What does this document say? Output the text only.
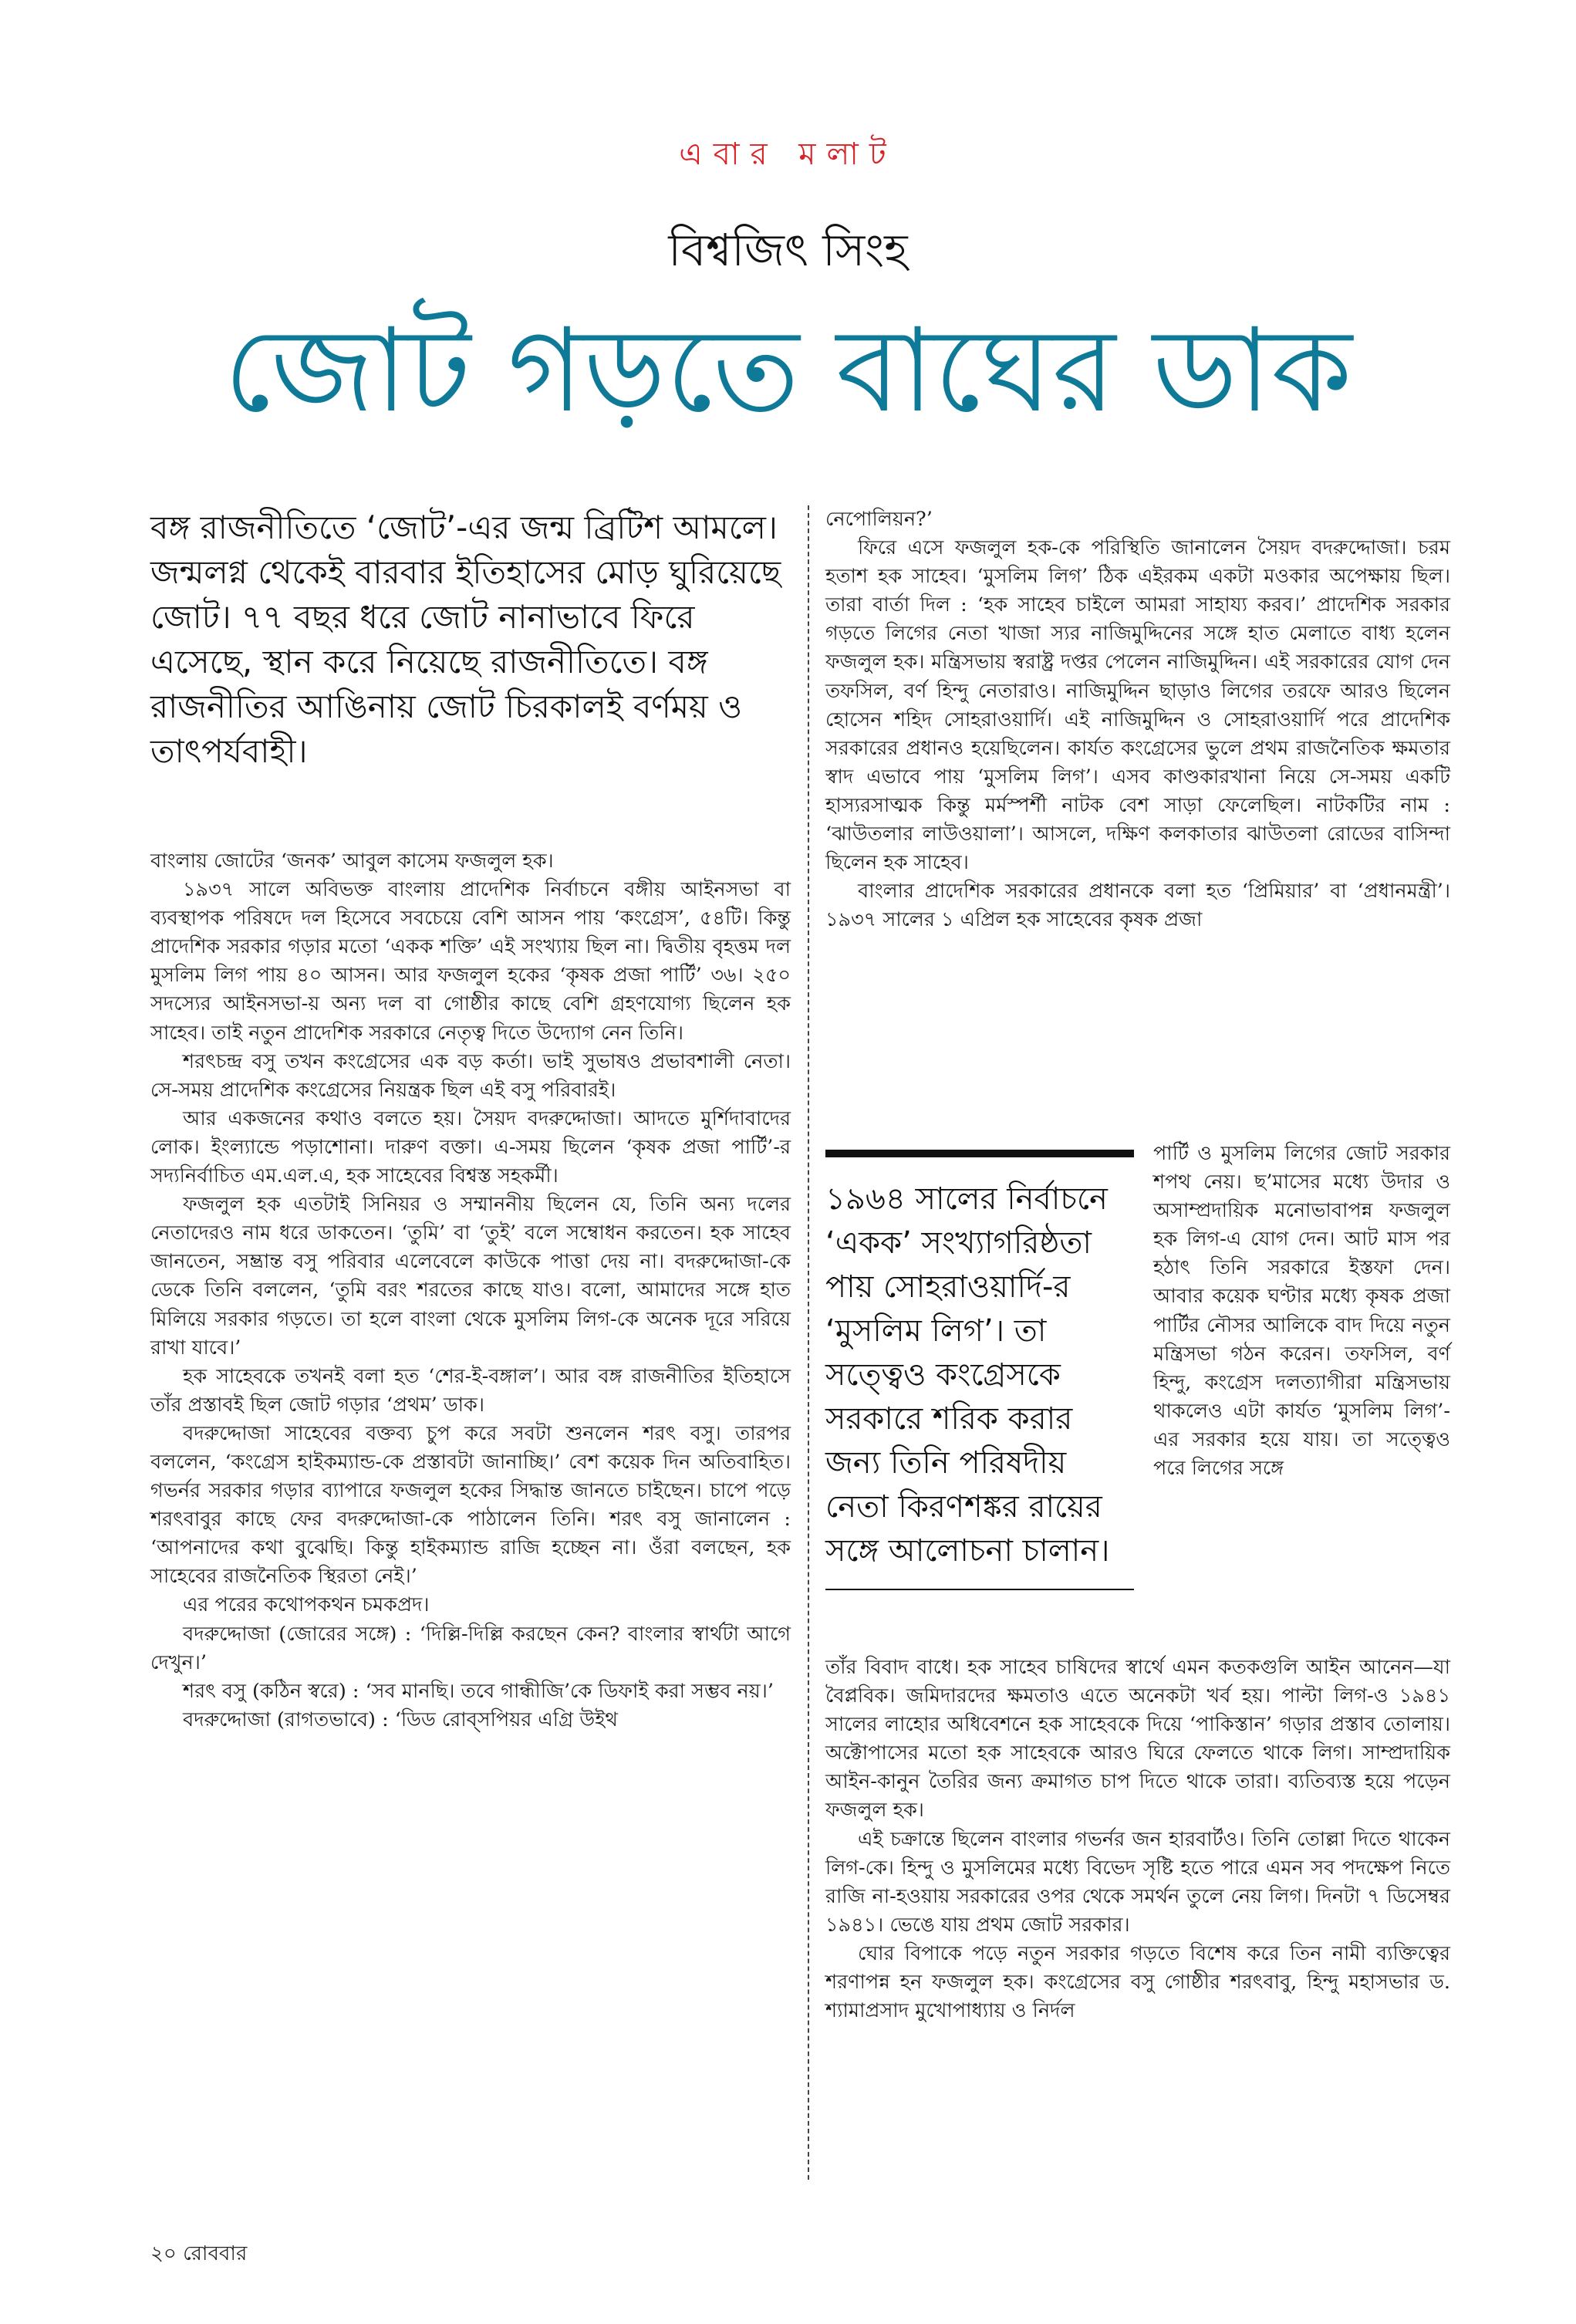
এবার মলাট
বিশ্বজিৎ সিংহ
জোট গড়তে বাঘের ডাক
বঙ্গ রাজনীতিতে ‘জোট’-এর জন্ম ব্রিটিশ আমলে। জন্মলগ্ন থেকেই বারবার ইতিহাসের মোড় ঘুরিয়েছে জোট। ৭৭ বছর ধরে জোট নানাভাবে ফিরে এসেছে, স্থান করে নিয়েছে রাজনীতিতে। বঙ্গ রাজনীতির আঙিনায় জোট চিরকালই বর্ণময় ও তাৎপর্যবাহী।

বাংলায় জোটের ‘জনক’ আবুল কাসেম ফজলুল হক।

১৯৩৭ সালে অবিভক্ত বাংলায় প্রাদেশিক নির্বাচনে বঙ্গীয় আইনসভা বা ব্যবস্থাপক পরিষদে দল হিসেবে সবচেয়ে বেশি আসন পায় ‘কংগ্রেস’, ৫৪টি। কিন্তু প্রাদেশিক সরকার গড়ার মতো ‘একক শক্তি’ এই সংখ্যায় ছিল না। দ্বিতীয় বৃহত্তম দল মুসলিম লিগ পায় ৪০ আসন। আর ফজলুল হকের ‘কৃষক প্রজা পার্টি’ ৩৬। ২৫০ সদস্যের আইনসভা-য় অন্য দল বা গোষ্ঠীর কাছে বেশি গ্রহণযোগ্য ছিলেন হক সাহেব। তাই নতুন প্রাদেশিক সরকারে নেতৃত্ব দিতে উদ্যোগ নেন তিনি।

শরৎচন্দ্র বসু তখন কংগ্রেসের এক বড় কর্তা। ভাই সুভাষও প্রভাবশালী নেতা। সে-সময় প্রাদেশিক কংগ্রেসের নিয়ন্ত্রক ছিল এই বসু পরিবারই।

আর একজনের কথাও বলতে হয়। সৈয়দ বদরুদ্দোজা। আদতে মুর্শিদাবাদের লোক। ইংল্যান্ডে পড়াশোনা। দারুণ বক্তা। এ-সময় ছিলেন ‘কৃষক প্রজা পার্টি’-র সদ্যনির্বাচিত এম.এল.এ, হক সাহেবের বিশ্বস্ত সহকর্মী।

ফজলুল হক এতটাই সিনিয়র ও সম্মাননীয় ছিলেন যে, তিনি অন্য দলের নেতাদেরও নাম ধরে ডাকতেন। ‘তুমি’ বা ‘তুই’ বলে সম্বোধন করতেন। হক সাহেব জানতেন, সম্ভ্রান্ত বসু পরিবার এলেবেলে কাউকে পাত্তা দেয় না। বদরুদ্দোজা-কে ডেকে তিনি বললেন, ‘তুমি বরং শরতের কাছে যাও। বলো, আমাদের সঙ্গে হাত মিলিয়ে সরকার গড়তে। তা হলে বাংলা থেকে মুসলিম লিগ-কে অনেক দূরে সরিয়ে রাখা যাবে।’

হক সাহেবকে তখনই বলা হত ‘শের-ই-বঙ্গাল’। আর বঙ্গ রাজনীতির ইতিহাসে তাঁর প্রস্তাবই ছিল জোট গড়ার ‘প্রথম’ ডাক।

বদরুদ্দোজা সাহেবের বক্তব্য চুপ করে সবটা শুনলেন শরৎ বসু। তারপর বললেন, ‘কংগ্রেস হাইকম্যান্ড-কে প্রস্তাবটা জানাচ্ছি।’ বেশ কয়েক দিন অতিবাহিত। গভর্নর সরকার গড়ার ব্যাপারে ফজলুল হকের সিদ্ধান্ত জানতে চাইছেন। চাপে পড়ে শরৎবাবুর কাছে ফের বদরুদ্দোজা-কে পাঠালেন তিনি। শরৎ বসু জানালেন : ‘আপনাদের কথা বুঝেছি। কিন্তু হাইকম্যান্ড রাজি হচ্ছেন না। ওঁরা বলছেন, হক সাহেবের রাজনৈতিক স্থিরতা নেই।’

এর পরের কথোপকথন চমকপ্রদ।

বদরুদ্দোজা (জোরের সঙ্গে) : ‘দিল্লি-দিল্লি করছেন কেন? বাংলার স্বার্থটা আগে দেখুন।’

শরৎ বসু (কঠিন স্বরে) : ‘সব মানছি। তবে গান্ধীজি’কে ডিফাই করা সম্ভব নয়।’

বদরুদ্দোজা (রাগতভাবে) : ‘ডিড রোব্‌সপিয়র এগ্রি উইথ

নেপোলিয়ন?’

ফিরে এসে ফজলুল হক-কে পরিস্থিতি জানালেন সৈয়দ বদরুদ্দোজা। চরম হতাশ হক সাহেব। ‘মুসলিম লিগ’ ঠিক এইরকম একটা মওকার অপেক্ষায় ছিল। তারা বার্তা দিল : ‘হক সাহেব চাইলে আমরা সাহায্য করব।’ প্রাদেশিক সরকার গড়তে লিগের নেতা খাজা স্যর নাজিমুদ্দিনের সঙ্গে হাত মেলাতে বাধ্য হলেন ফজলুল হক। মন্ত্রিসভায় স্বরাষ্ট্র দপ্তর পেলেন নাজিমুদ্দিন। এই সরকারের যোগ দেন তফসিল, বর্ণ হিন্দু নেতারাও। নাজিমুদ্দিন ছাড়াও লিগের তরফে আরও ছিলেন হোসেন শহিদ সোহরাওয়ার্দি। এই নাজিমুদ্দিন ও সোহরাওয়ার্দি পরে প্রাদেশিক সরকারের প্রধানও হয়েছিলেন। কার্যত কংগ্রেসের ভুলে প্রথম রাজনৈতিক ক্ষমতার স্বাদ এভাবে পায় ‘মুসলিম লিগ’। এসব কাণ্ডকারখানা নিয়ে সে-সময় একটি হাস্যরসাত্মক কিন্তু মর্মস্পর্শী নাটক বেশ সাড়া ফেলেছিল। নাটকটির নাম : ‘ঝাউতলার লাউওয়ালা’। আসলে, দক্ষিণ কলকাতার ঝাউতলা রোডের বাসিন্দা ছিলেন হক সাহেব।

বাংলার প্রাদেশিক সরকারের প্রধানকে বলা হত ‘প্রিমিয়ার’ বা ‘প্রধানমন্ত্রী’। ১৯৩৭ সালের ১ এপ্রিল হক সাহেবের কৃষক প্রজা

১৯৬৪ সালের নির্বাচনে ‘একক’ সংখ্যাগরিষ্ঠতা পায় সোহরাওয়ার্দি-র ‘মুসলিম লিগ’। তা সত্ত্বেও কংগ্রেসকে সরকারে শরিক করার জন্য তিনি পরিষদীয় নেতা কিরণশঙ্কর রায়ের সঙ্গে আলোচনা চালান।

পার্টি ও মুসলিম লিগের জোট সরকার শপথ নেয়। ছ’মাসের মধ্যে উদার ও অসাম্প্রদায়িক মনোভাবাপন্ন ফজলুল হক লিগ-এ যোগ দেন। আট মাস পর হঠাৎ তিনি সরকারে ইস্তফা দেন। আবার কয়েক ঘণ্টার মধ্যে কৃষক প্রজা পার্টির নৌসর আলিকে বাদ দিয়ে নতুন মন্ত্রিসভা গঠন করেন। তফসিল, বর্ণ হিন্দু, কংগ্রেস দলত্যাগীরা মন্ত্রিসভায় থাকলেও এটা কার্যত ‘মুসলিম লিগ’-এর সরকার হয়ে যায়। তা সত্ত্বেও পরে লিগের সঙ্গে

তাঁর বিবাদ বাধে। হক সাহেব চাষিদের স্বার্থে এমন কতকগুলি আইন আনেন—যা বৈপ্লবিক। জমিদারদের ক্ষমতাও এতে অনেকটা খর্ব হয়। পাল্টা লিগ-ও ১৯৪১ সালের লাহোর অধিবেশনে হক সাহেবকে দিয়ে ‘পাকিস্তান’ গড়ার প্রস্তাব তোলায়। অক্টোপাসের মতো হক সাহেবকে আরও ঘিরে ফেলতে থাকে লিগ। সাম্প্রদায়িক আইন-কানুন তৈরির জন্য ক্রমাগত চাপ দিতে থাকে তারা। ব্যতিব্যস্ত হয়ে পড়েন ফজলুল হক।

এই চক্রান্তে ছিলেন বাংলার গভর্নর জন হারবার্টও। তিনি তোল্লা দিতে থাকেন লিগ-কে। হিন্দু ও মুসলিমের মধ্যে বিভেদ সৃষ্টি হতে পারে এমন সব পদক্ষেপ নিতে রাজি না-হওয়ায় সরকারের ওপর থেকে সমর্থন তুলে নেয় লিগ। দিনটা ৭ ডিসেম্বর ১৯৪১। ভেঙে যায় প্রথম জোট সরকার।

ঘোর বিপাকে পড়ে নতুন সরকার গড়তে বিশেষ করে তিন নামী ব্যক্তিত্বের শরণাপন্ন হন ফজলুল হক। কংগ্রেসের বসু গোষ্ঠীর শরৎবাবু, হিন্দু মহাসভার ড. শ্যামাপ্রসাদ মুখোপাধ্যায় ও নির্দল

২০ রোববার
